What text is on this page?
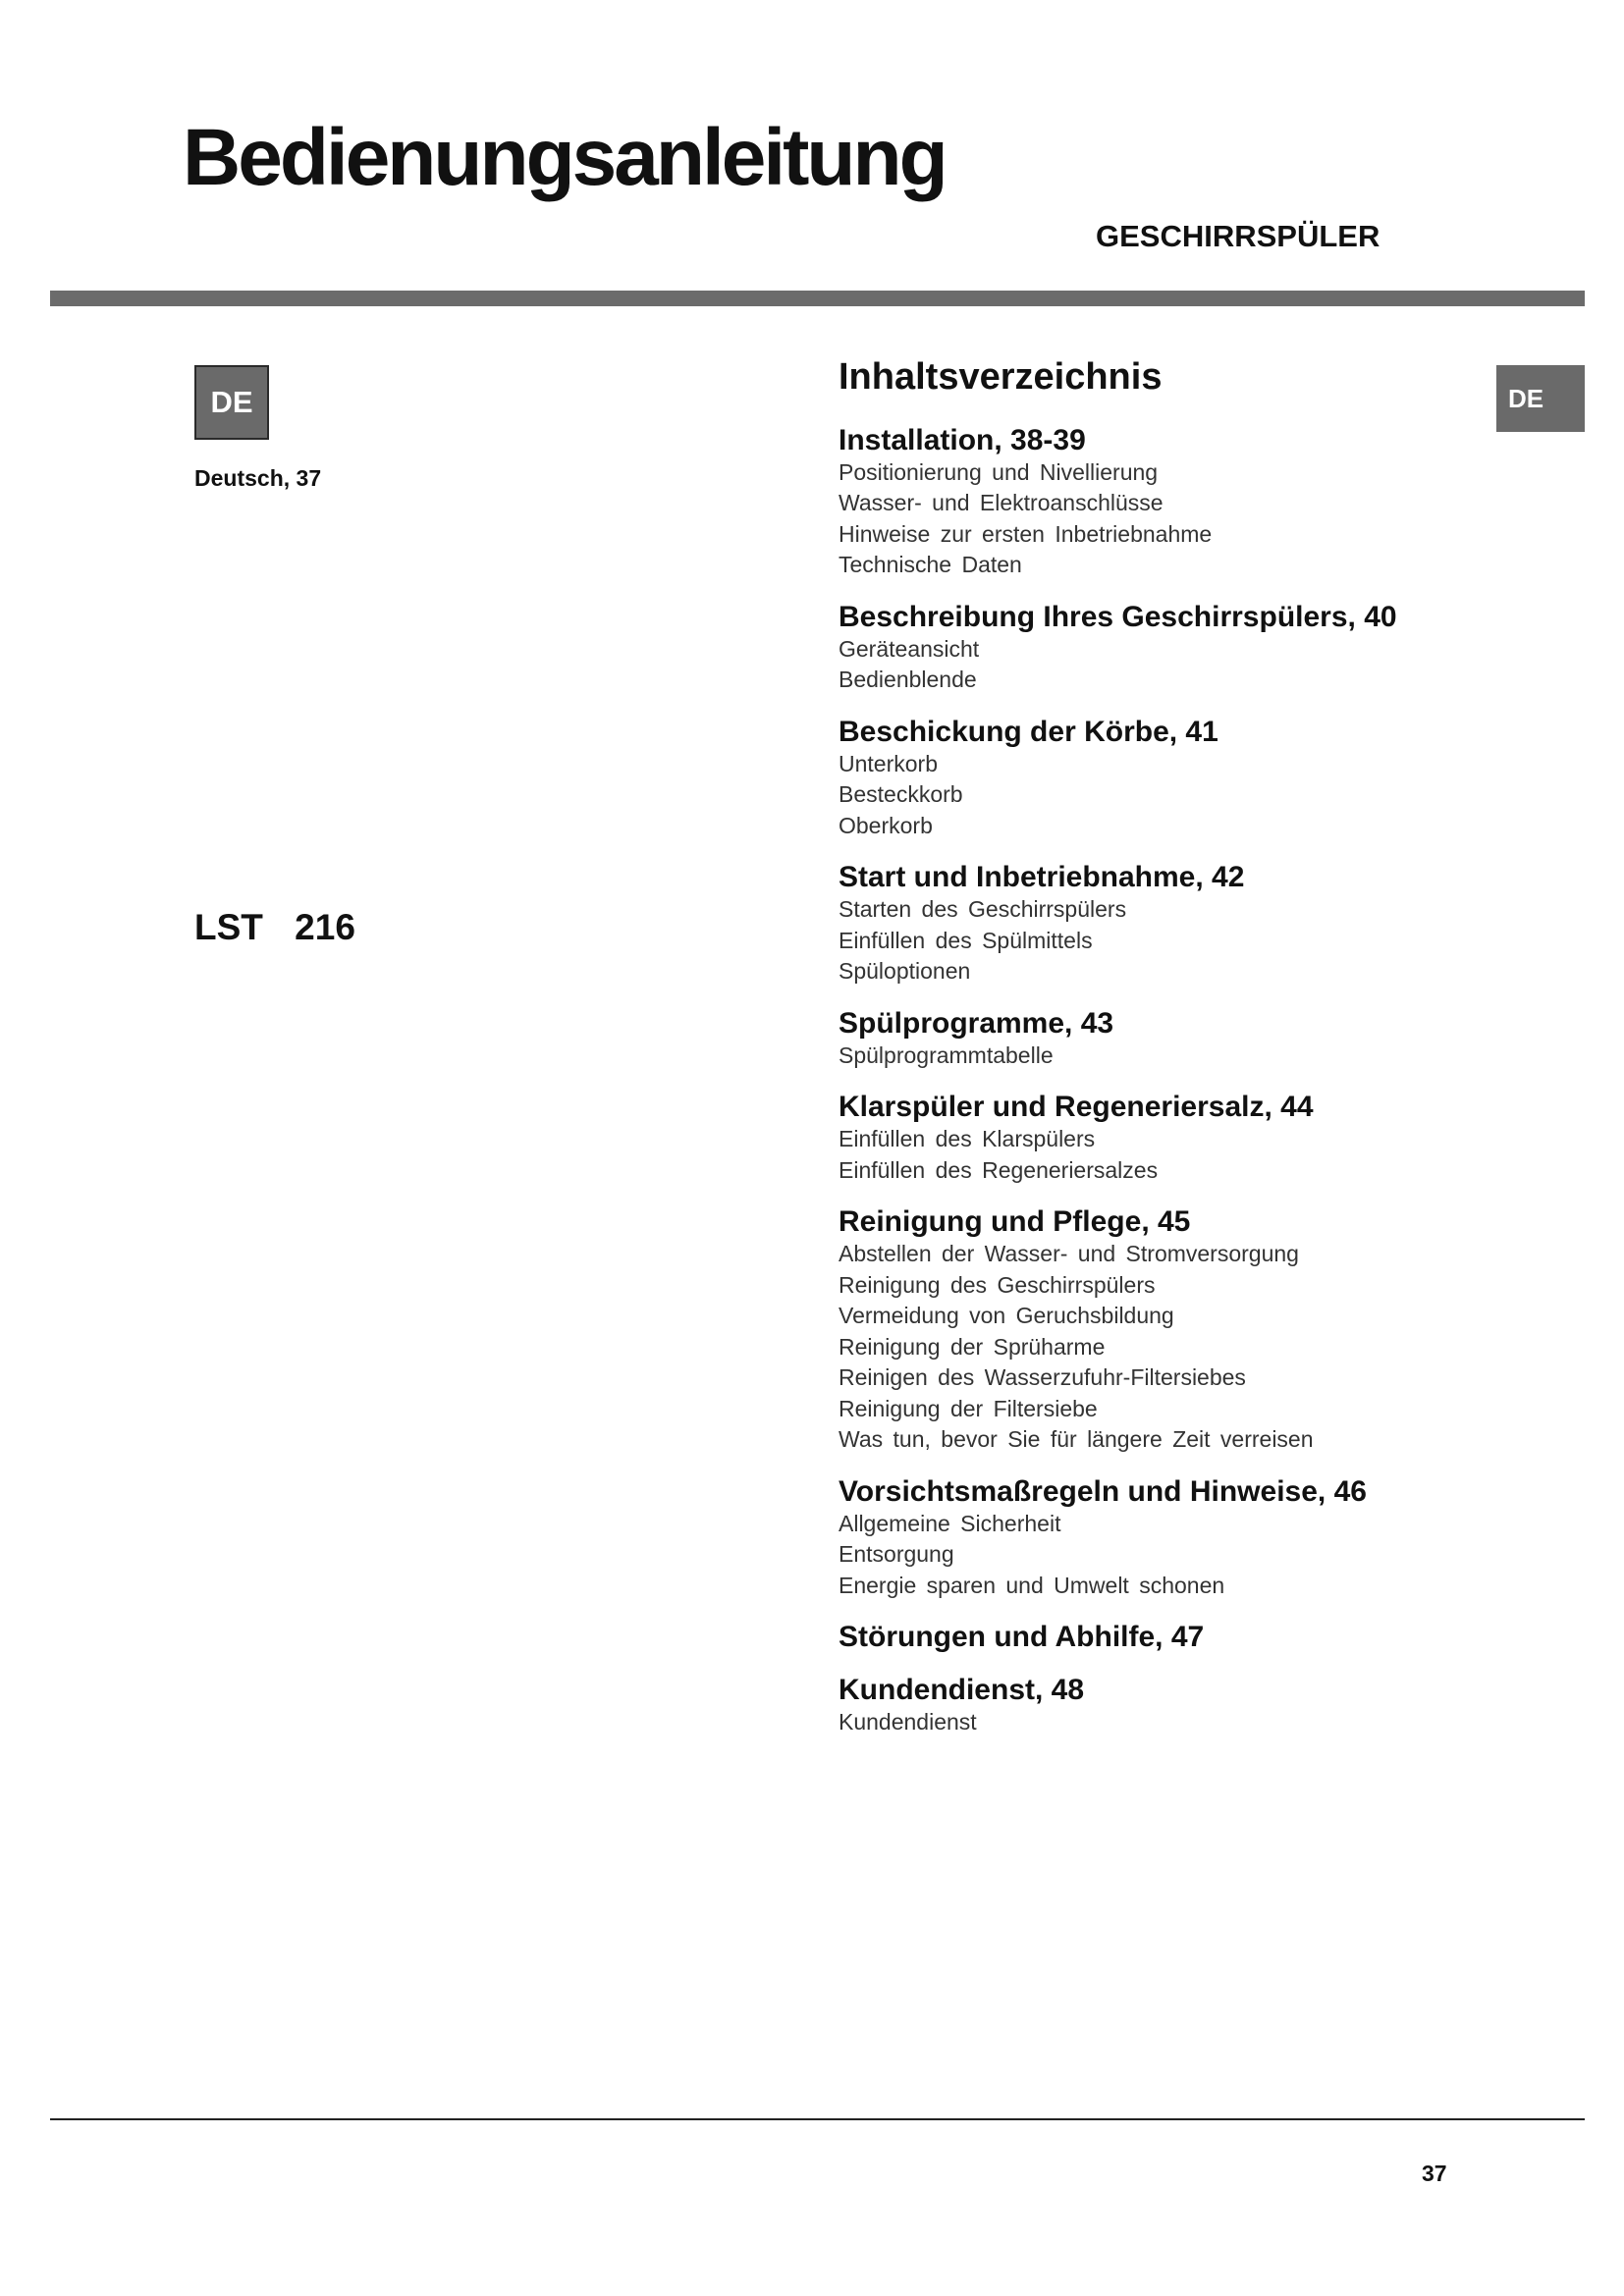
Bedienungsanleitung
GESCHIRRSPÜLER
DE
Deutsch, 37
LST 216
DE
Inhaltsverzeichnis
Installation, 38-39
Positionierung und Nivellierung
Wasser- und Elektroanschlüsse
Hinweise zur ersten Inbetriebnahme
Technische Daten
Beschreibung Ihres Geschirrspülers, 40
Geräteansicht
Bedienblende
Beschickung der Körbe, 41
Unterkorb
Besteckkorb
Oberkorb
Start und Inbetriebnahme, 42
Starten des Geschirrspülers
Einfüllen des Spülmittels
Spüloptionen
Spülprogramme, 43
Spülprogrammtabelle
Klarspüler und Regeneriersalz, 44
Einfüllen des Klarspülers
Einfüllen des Regeneriersalzes
Reinigung und Pflege, 45
Abstellen der Wasser- und Stromversorgung
Reinigung des Geschirrspülers
Vermeidung von Geruchsbildung
Reinigung der Sprüharme
Reinigen des Wasserzufuhr-Filtersiebes
Reinigung der Filtersiebe
Was tun, bevor Sie für längere Zeit verreisen
Vorsichtsmaßregeln und Hinweise, 46
Allgemeine Sicherheit
Entsorgung
Energie sparen und Umwelt schonen
Störungen und Abhilfe, 47
Kundendienst, 48
Kundendienst
37
